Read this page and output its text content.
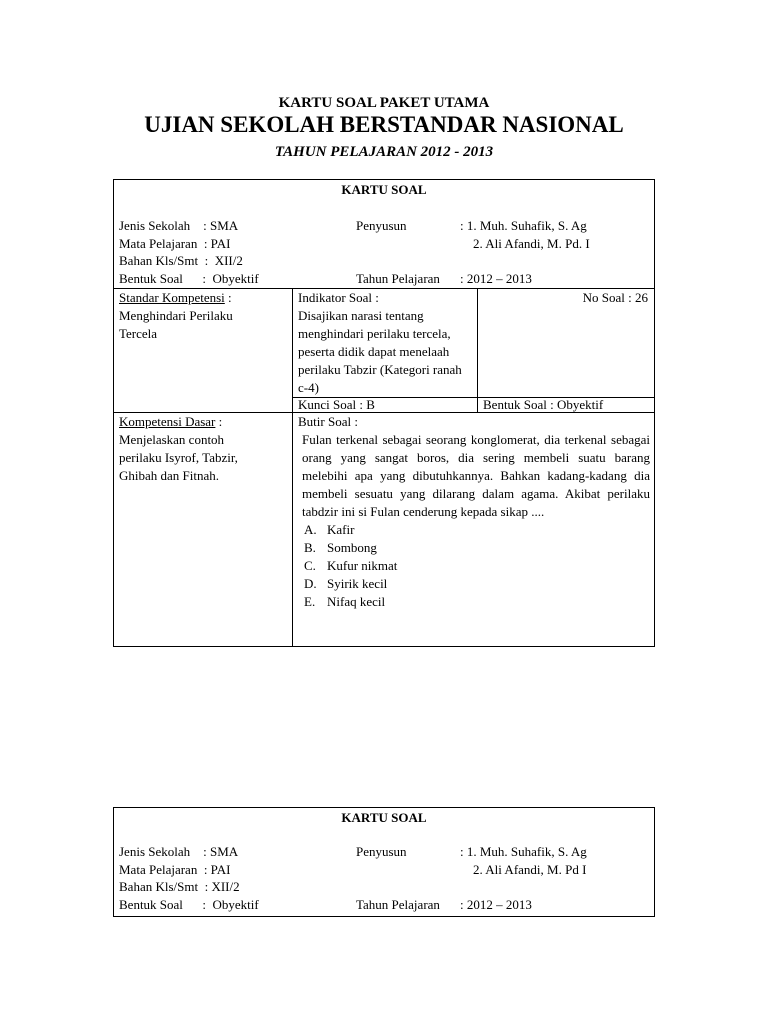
KARTU SOAL PAKET UTAMA
UJIAN SEKOLAH BERSTANDAR NASIONAL
TAHUN PELAJARAN 2012 - 2013
KARTU SOAL
Jenis Sekolah    : SMA	Penyusun	: 1. Muh. Suhafik, S. Ag
Mata Pelajaran  : PAI	2. Ali Afandi, M. Pd. I
Bahan Kls/Smt  :  XII/2
Bentuk Soal      :  Obyektif	Tahun Pelajaran : 2012 – 2013
Standar Kompetensi :
Menghindari Perilaku Tercela
Indikator Soal :
Disajikan narasi tentang menghindari perilaku tercela, peserta didik dapat menelaah perilaku Tabzir (Kategori ranah c-4)
No Soal : 26
Kunci Soal : B	Bentuk Soal : Obyektif
Kompetensi Dasar :
Menjelaskan contoh perilaku Isyrof, Tabzir, Ghibah dan Fitnah.
Butir Soal :
Fulan terkenal sebagai seorang konglomerat, dia terkenal sebagai orang yang sangat boros, dia sering membeli suatu barang melebihi apa yang dibutuhkannya. Bahkan kadang-kadang dia membeli sesuatu yang dilarang dalam agama. Akibat perilaku tabdzir ini si Fulan cenderung kepada sikap ....
A. Kafir
B. Sombong
C. Kufur nikmat
D. Syirik kecil
E. Nifaq kecil
KARTU SOAL
Jenis Sekolah    : SMA	Penyusun	: 1. Muh. Suhafik, S. Ag
Mata Pelajaran  : PAI	2. Ali Afandi, M. Pd I
Bahan Kls/Smt  : XII/2
Bentuk Soal      :  Obyektif	Tahun Pelajaran : 2012 – 2013
